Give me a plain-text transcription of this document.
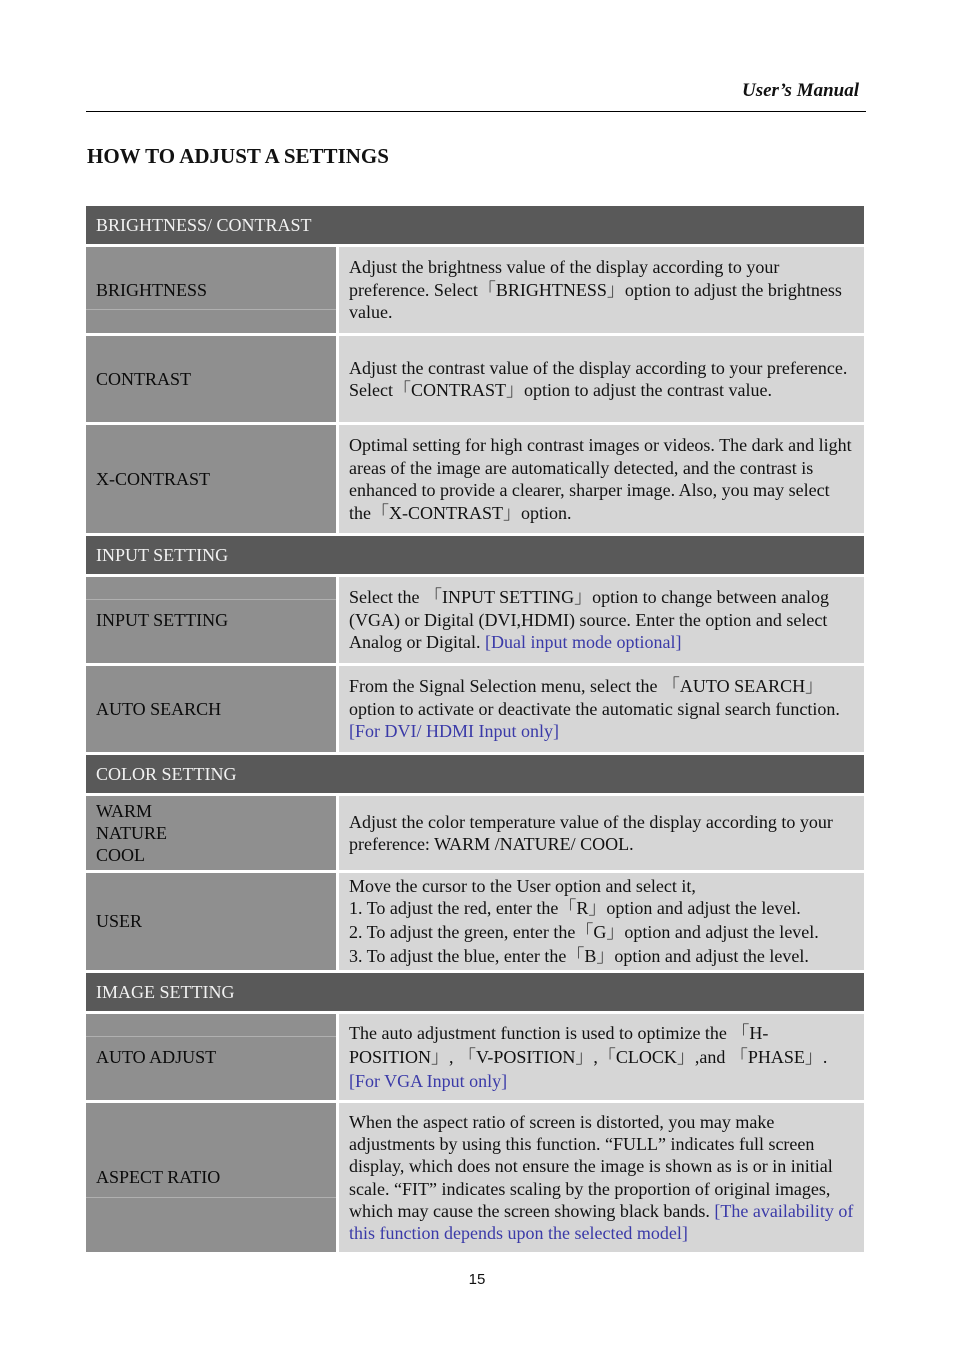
User’s Manual
HOW TO ADJUST A SETTINGS
BRIGHTNESS/ CONTRAST
BRIGHTNESS
Adjust the brightness value of the display according to your preference. Select「BRIGHTNESS」option to adjust the brightness value.
CONTRAST
Adjust the contrast value of the display according to your preference. Select「CONTRAST」option to adjust the contrast value.
X-CONTRAST
Optimal setting for high contrast images or videos. The dark and light areas of the image are automatically detected, and the contrast is enhanced to provide a clearer, sharper image. Also, you may select the「X-CONTRAST」option.
INPUT SETTING
INPUT SETTING
Select the 「INPUT SETTING」option to change between analog (VGA) or Digital (DVI,HDMI) source. Enter the option and select Analog or Digital. [Dual input mode optional]
AUTO SEARCH
From the Signal Selection menu, select the 「AUTO SEARCH」option to activate or deactivate the automatic signal search function. [For DVI/ HDMI Input only]
COLOR SETTING
WARM
NATURE
COOL
Adjust the color temperature value of the display according to your preference: WARM /NATURE/ COOL.
USER
Move the cursor to the User option and select it,
1. To adjust the red, enter the「R」option and adjust the level.
2. To adjust the green, enter the「G」option and adjust the level.
3. To adjust the blue, enter the「B」option and adjust the level.
IMAGE SETTING
AUTO ADJUST
The auto adjustment function is used to optimize the 「H-POSITION」, 「V-POSITION」,「CLOCK」,and 「PHASE」.
[For VGA Input only]
ASPECT RATIO
When the aspect ratio of screen is distorted, you may make adjustments by using this function. “FULL” indicates full screen display, which does not ensure the image is shown as is or in initial scale. “FIT” indicates scaling by the proportion of original images, which may cause the screen showing black bands. [The availability of this function depends upon the selected model]
15
